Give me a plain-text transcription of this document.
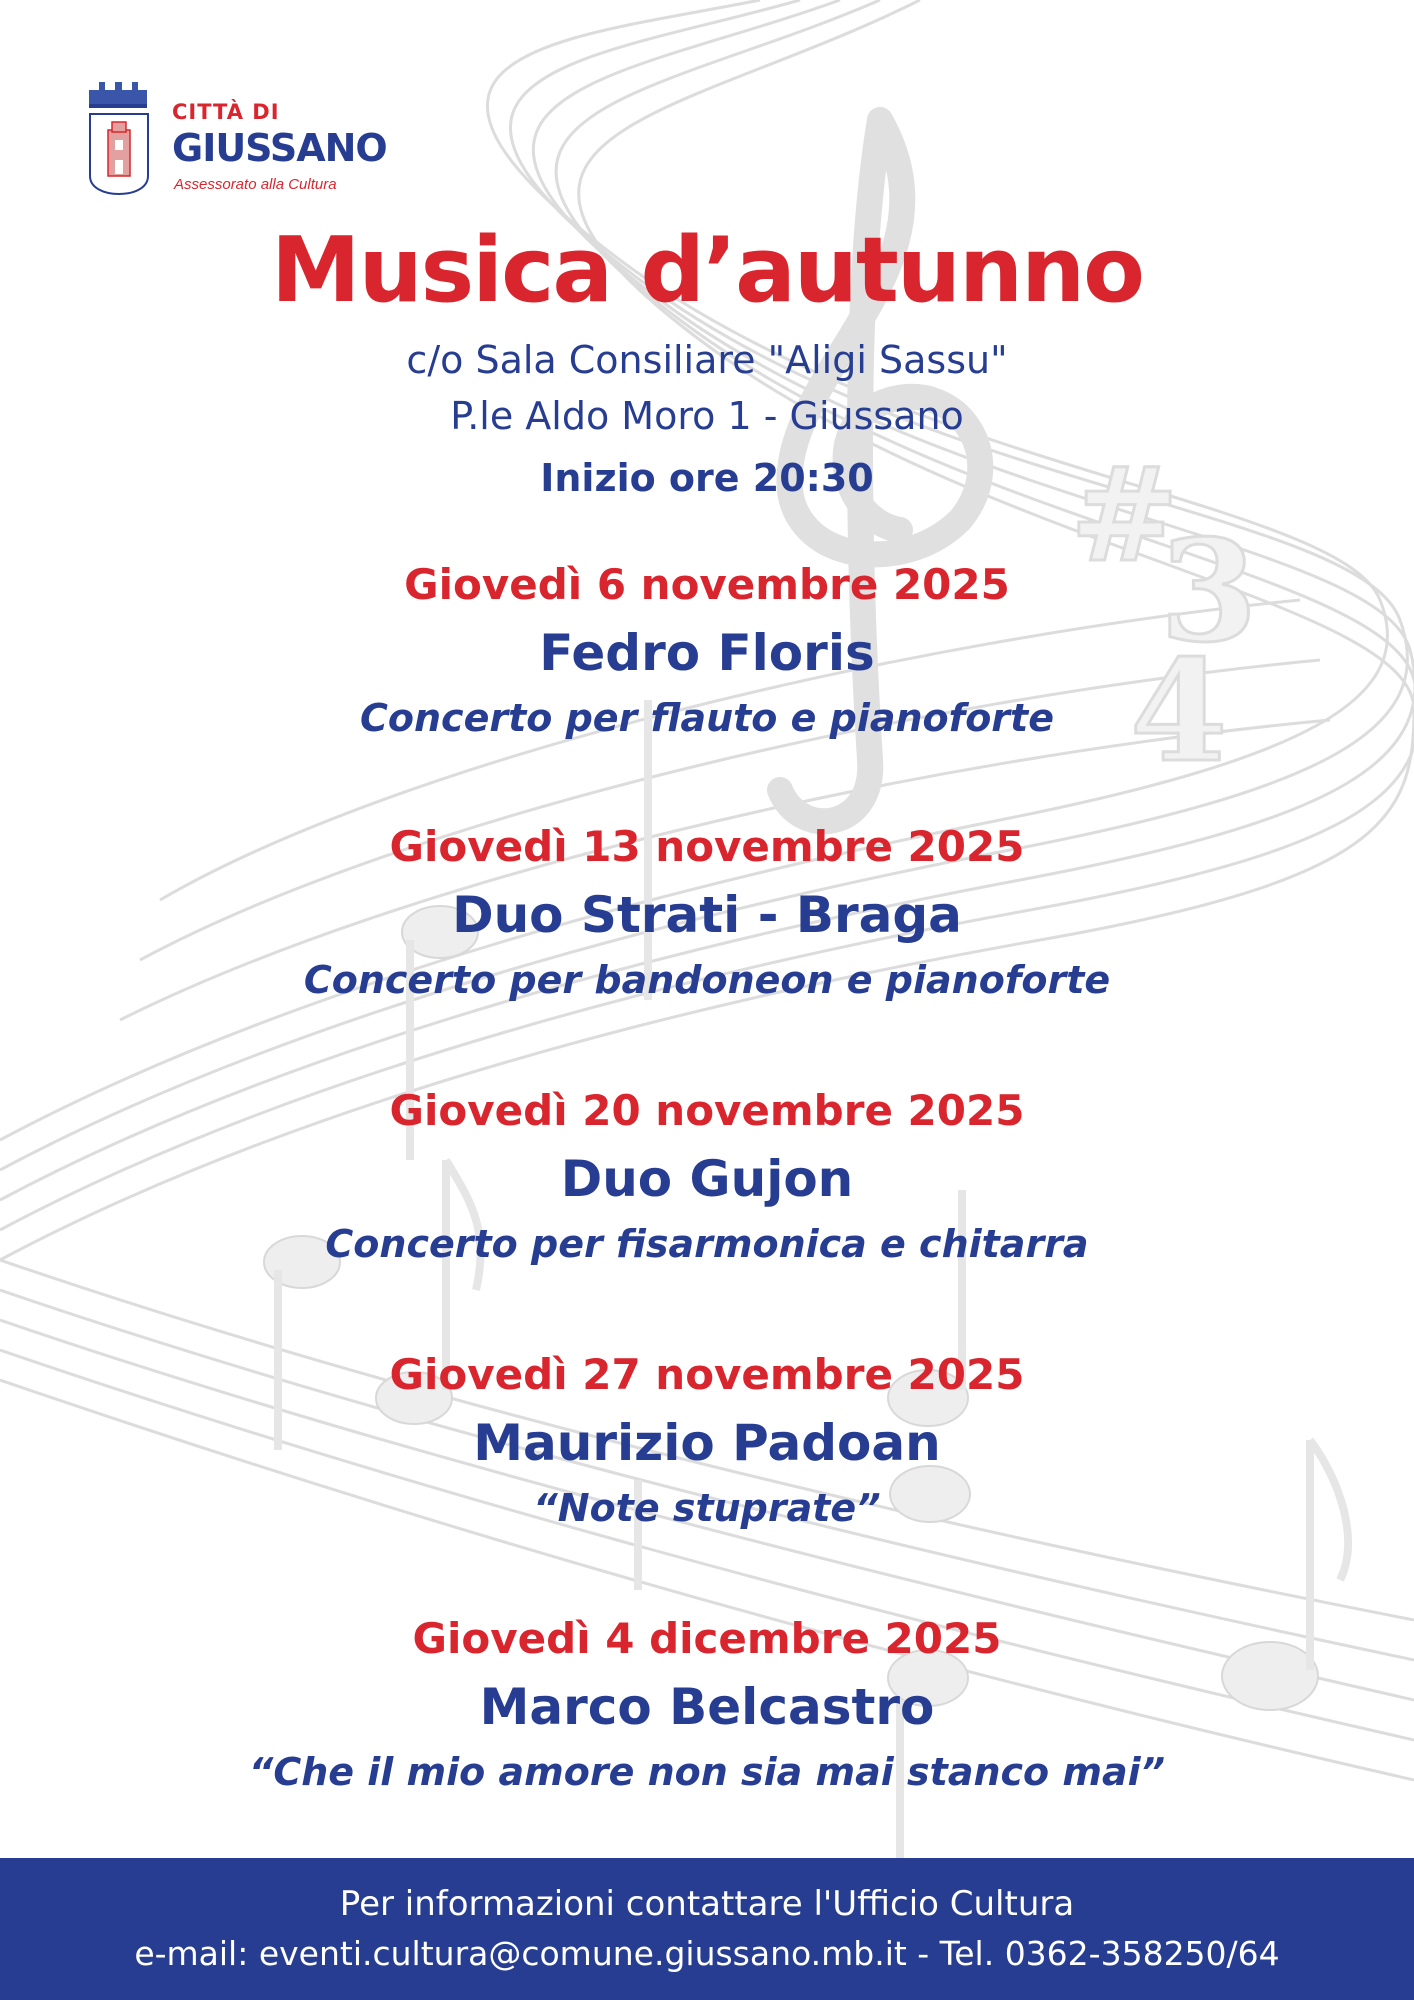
#
3
4

CITTÀ DI

GIUSSANO

Assessorato alla Cultura

Musica d’autunno

c/o Sala Consiliare "Aligi Sassu"

P.le Aldo Moro 1 - Giussano

Inizio ore 20:30

Giovedì 6 novembre 2025

Fedro Floris

Concerto per flauto e pianoforte

Giovedì 13 novembre 2025

Duo Strati - Braga

Concerto per bandoneon e pianoforte

Giovedì 20 novembre 2025

Duo Gujon

Concerto per fisarmonica e chitarra

Giovedì 27 novembre 2025

Maurizio Padoan

“Note stuprate”

Giovedì 4 dicembre 2025

Marco Belcastro

“Che il mio amore non sia mai stanco mai”

Per informazioni contattare l'Ufficio Cultura

e-mail: eventi.cultura@comune.giussano.mb.it - Tel. 0362-358250/64
